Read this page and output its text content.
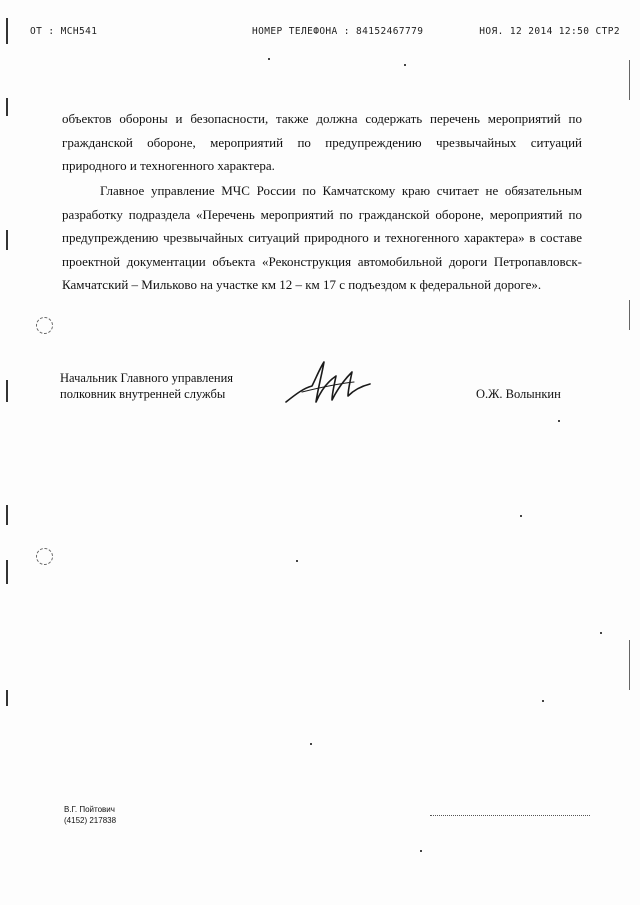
ОТ : МСН541	НОМЕР ТЕЛЕФОНА : 84152467779	НОЯ. 12 2014 12:50 СТР2

объектов обороны и безопасности, также должна содержать перечень мероприятий по гражданской обороне, мероприятий по предупреждению чрезвычайных ситуаций природного и техногенного характера.

Главное управление МЧС России по Камчатскому краю считает не обязательным разработку подраздела «Перечень мероприятий по гражданской обороне, мероприятий по предупреждению чрезвычайных ситуаций природного и техногенного характера» в составе проектной документации объекта «Реконструкция автомобильной дороги Петропавловск-Камчатский – Мильково на участке км 12 – км 17 с подъездом к федеральной дороге».

Начальник Главного управления
полковник внутренней службы	О.Ж. Волынкин
В.Г. Пойтович
(4152) 217838
